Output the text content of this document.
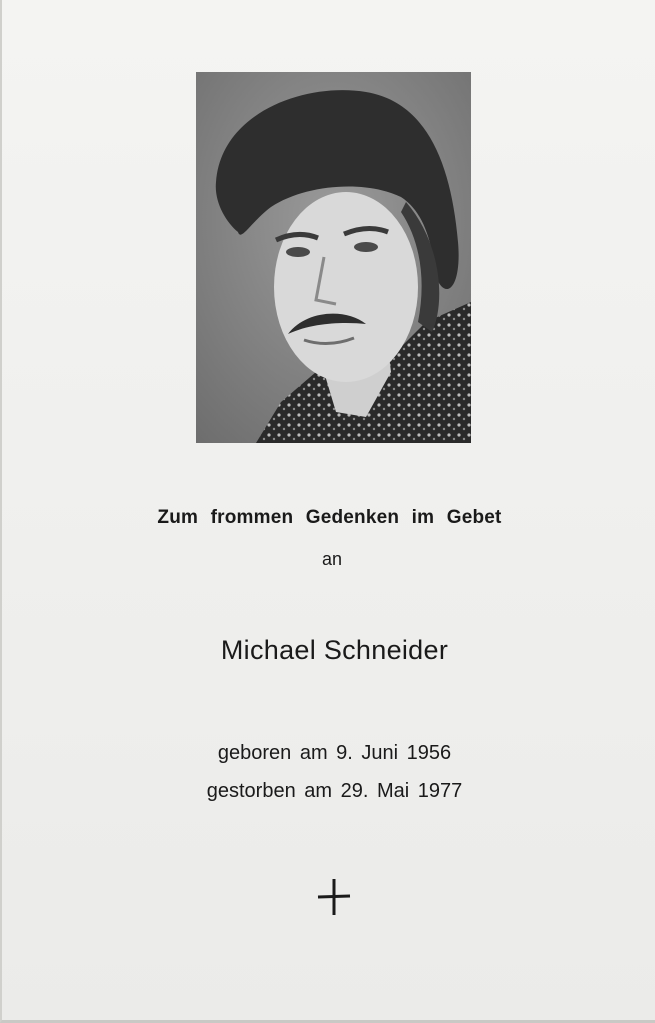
Zum frommen Gedenken im Gebet
an
Michael Schneider
geboren am 9. Juni 1956
gestorben am 29. Mai 1977
